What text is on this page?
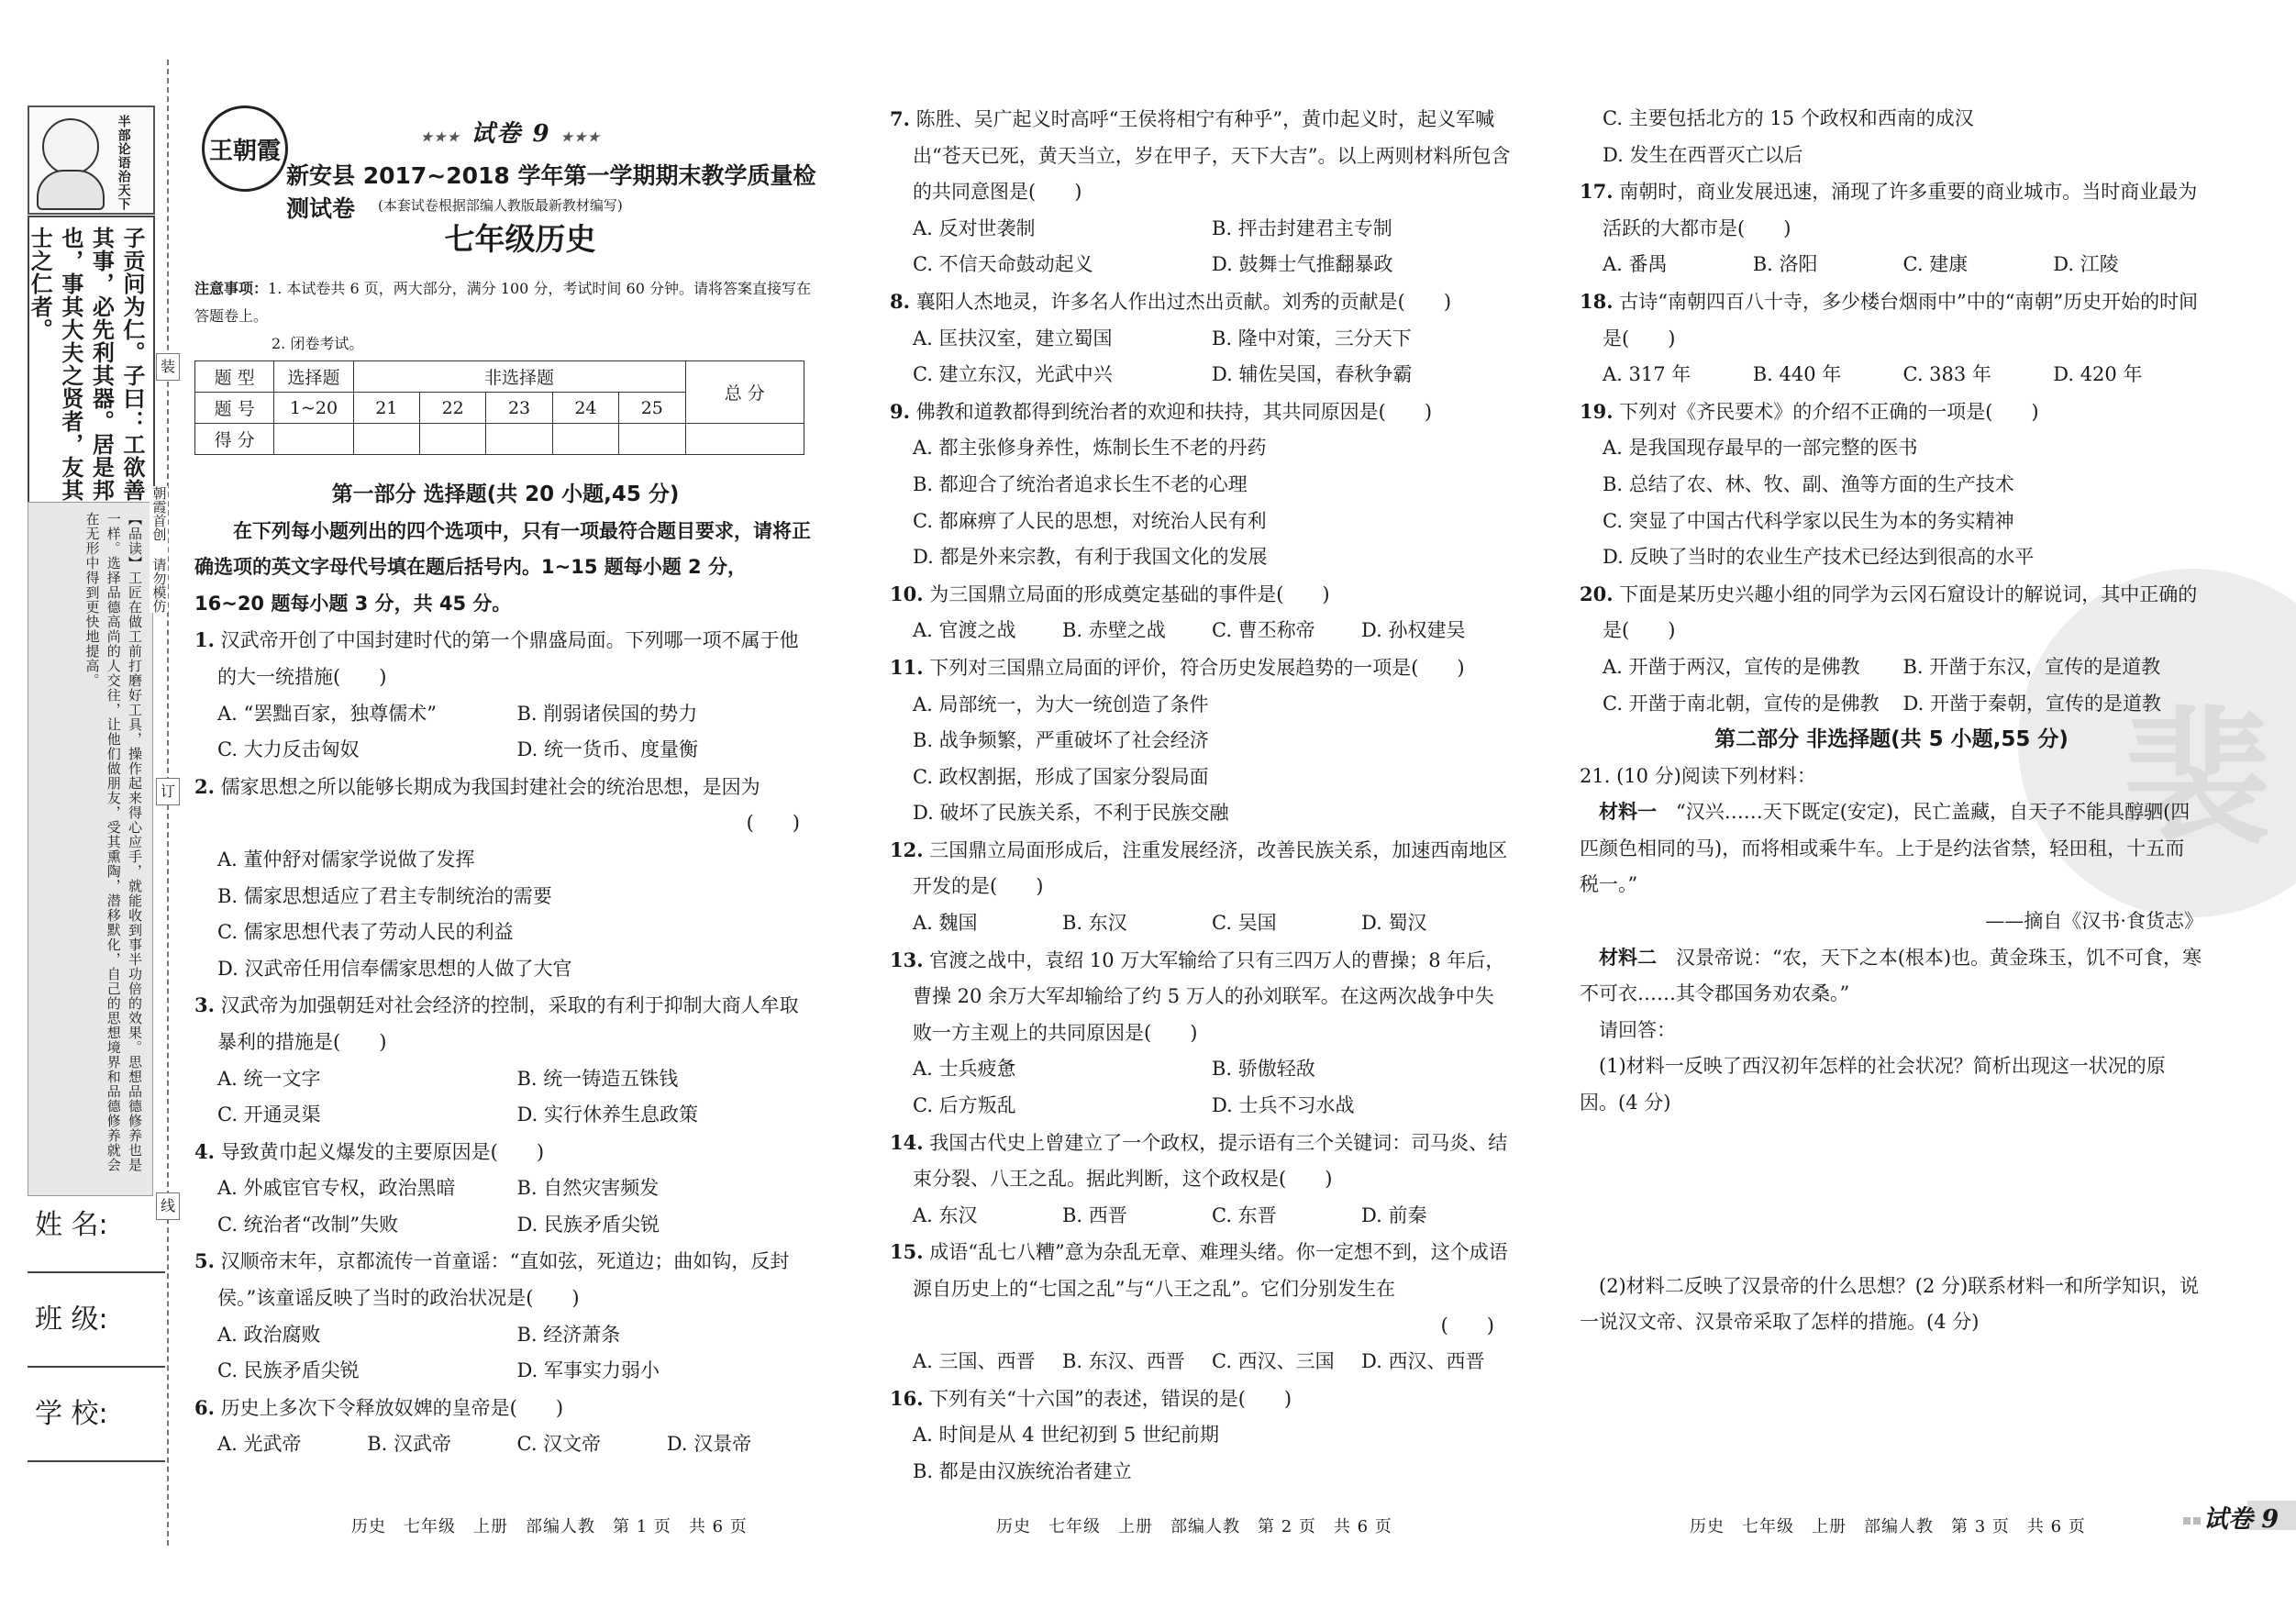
裴
半部论语治天下
子贡问为仁。子曰：工欲善其事，必先利其器。居是邦也，事其大夫之贤者，友其士之仁者。
【品读】工匠在做工前打磨好工具，操作起来得心应手，就能收到事半功倍的效果。思想品德修养也是一样。选择品德高尚的人交往，让他们做朋友，受其熏陶，潜移默化，自己的思想境界和品德修养就会在无形中得到更快地提高。
姓 名:
班 级:
学 校:
装
订
线
朝霞首创 请勿模仿
王朝霞	★★★ 试卷 9 ★★★
新安县 2017~2018 学年第一学期期末教学质量检测试卷	(本套试卷根据部编人教版最新教材编写)
七年级历史
注意事项：1. 本试卷共 6 页，两大部分，满分 100 分，考试时间 60 分钟。请将答案直接写在答题卷上。
2. 闭卷考试。
题 型	选择题	非选择题					总 分
题 号	1~20	21	22	23	24	25	
得 分							
第一部分 选择题(共 20 小题,45 分)
在下列每小题列出的四个选项中，只有一项最符合题目要求，请将正确选项的英文字母代号填在题后括号内。1~15 题每小题 2 分，16~20 题每小题 3 分，共 45 分。
1. 汉武帝开创了中国封建时代的第一个鼎盛局面。下列哪一项不属于他的大一统措施(　　)
A. “罢黜百家，独尊儒术”	B. 削弱诸侯国的势力
C. 大力反击匈奴	D. 统一货币、度量衡
2. 儒家思想之所以能够长期成为我国封建社会的统治思想，是因为
(　　)
A. 董仲舒对儒家学说做了发挥
B. 儒家思想适应了君主专制统治的需要
C. 儒家思想代表了劳动人民的利益
D. 汉武帝任用信奉儒家思想的人做了大官
3. 汉武帝为加强朝廷对社会经济的控制，采取的有利于抑制大商人牟取暴利的措施是(　　)
A. 统一文字	B. 统一铸造五铢钱
C. 开通灵渠	D. 实行休养生息政策
4. 导致黄巾起义爆发的主要原因是(　　)
A. 外戚宦官专权，政治黑暗	B. 自然灾害频发
C. 统治者“改制”失败	D. 民族矛盾尖锐
5. 汉顺帝末年，京都流传一首童谣：“直如弦，死道边；曲如钩，反封侯。”该童谣反映了当时的政治状况是(　　)
A. 政治腐败	B. 经济萧条
C. 民族矛盾尖锐	D. 军事实力弱小
6. 历史上多次下令释放奴婢的皇帝是(　　)
A. 光武帝	B. 汉武帝	C. 汉文帝	D. 汉景帝
7. 陈胜、吴广起义时高呼“王侯将相宁有种乎”，黄巾起义时，起义军喊出“苍天已死，黄天当立，岁在甲子，天下大吉”。以上两则材料所包含的共同意图是(　　)
A. 反对世袭制	B. 抨击封建君主专制
C. 不信天命鼓动起义	D. 鼓舞士气推翻暴政
8. 襄阳人杰地灵，许多名人作出过杰出贡献。刘秀的贡献是(　　)
A. 匡扶汉室，建立蜀国	B. 隆中对策，三分天下
C. 建立东汉，光武中兴	D. 辅佐吴国，春秋争霸
9. 佛教和道教都得到统治者的欢迎和扶持，其共同原因是(　　)
A. 都主张修身养性，炼制长生不老的丹药
B. 都迎合了统治者追求长生不老的心理
C. 都麻痹了人民的思想，对统治人民有利
D. 都是外来宗教，有利于我国文化的发展
10. 为三国鼎立局面的形成奠定基础的事件是(　　)
A. 官渡之战	B. 赤壁之战	C. 曹丕称帝	D. 孙权建吴
11. 下列对三国鼎立局面的评价，符合历史发展趋势的一项是(　　)
A. 局部统一，为大一统创造了条件
B. 战争频繁，严重破坏了社会经济
C. 政权割据，形成了国家分裂局面
D. 破坏了民族关系，不利于民族交融
12. 三国鼎立局面形成后，注重发展经济，改善民族关系，加速西南地区开发的是(　　)
A. 魏国	B. 东汉	C. 吴国	D. 蜀汉
13. 官渡之战中，袁绍 10 万大军输给了只有三四万人的曹操；8 年后，曹操 20 余万大军却输给了约 5 万人的孙刘联军。在这两次战争中失败一方主观上的共同原因是(　　)
A. 士兵疲惫	B. 骄傲轻敌
C. 后方叛乱	D. 士兵不习水战
14. 我国古代史上曾建立了一个政权，提示语有三个关键词：司马炎、结束分裂、八王之乱。据此判断，这个政权是(　　)
A. 东汉	B. 西晋	C. 东晋	D. 前秦
15. 成语“乱七八糟”意为杂乱无章、难理头绪。你一定想不到，这个成语源自历史上的“七国之乱”与“八王之乱”。它们分别发生在
(　　)
A. 三国、西晋	B. 东汉、西晋	C. 西汉、三国	D. 西汉、西晋
16. 下列有关“十六国”的表述，错误的是(　　)
A. 时间是从 4 世纪初到 5 世纪前期
B. 都是由汉族统治者建立
C. 主要包括北方的 15 个政权和西南的成汉
D. 发生在西晋灭亡以后
17. 南朝时，商业发展迅速，涌现了许多重要的商业城市。当时商业最为活跃的大都市是(　　)
A. 番禺	B. 洛阳	C. 建康	D. 江陵
18. 古诗“南朝四百八十寺，多少楼台烟雨中”中的“南朝”历史开始的时间是(　　)
A. 317 年	B. 440 年	C. 383 年	D. 420 年
19. 下列对《齐民要术》的介绍不正确的一项是(　　)
A. 是我国现存最早的一部完整的医书
B. 总结了农、林、牧、副、渔等方面的生产技术
C. 突显了中国古代科学家以民生为本的务实精神
D. 反映了当时的农业生产技术已经达到很高的水平
20. 下面是某历史兴趣小组的同学为云冈石窟设计的解说词，其中正确的是(　　)
A. 开凿于两汉，宣传的是佛教	B. 开凿于东汉，宣传的是道教
C. 开凿于南北朝，宣传的是佛教	D. 开凿于秦朝，宣传的是道教
第二部分 非选择题(共 5 小题,55 分)
21. (10 分)阅读下列材料：
材料一　 “汉兴……天下既定(安定)，民亡盖藏，自天子不能具醇驷(四匹颜色相同的马)，而将相或乘牛车。上于是约法省禁，轻田租，十五而税一。”
——摘自《汉书·食货志》
材料二　 汉景帝说：“农，天下之本(根本)也。黄金珠玉，饥不可食，寒不可衣……其令郡国务劝农桑。”
请回答：
(1)材料一反映了西汉初年怎样的社会状况？简析出现这一状况的原因。(4 分)
(2)材料二反映了汉景帝的什么思想？(2 分)联系材料一和所学知识，说一说汉文帝、汉景帝采取了怎样的措施。(4 分)
历史　七年级　上册　部编人教　第 1 页　共 6 页	历史　七年级　上册　部编人教　第 2 页　共 6 页	试卷 9
历史　七年级　上册　部编人教　第 3 页　共 6 页
